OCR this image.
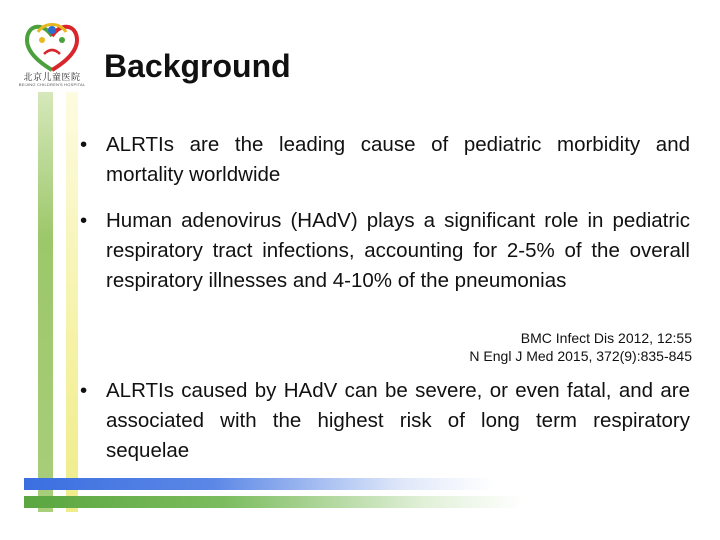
北京儿童医院
BEIJING CHILDREN'S HOSPITAL
Background
• ALRTIs are the leading cause of pediatric morbidity and mortality worldwide
• Human adenovirus (HAdV) plays a significant role in pediatric respiratory tract infections, accounting for 2-5% of the overall respiratory illnesses and 4-10% of the pneumonias
BMC Infect Dis 2012, 12:55
N Engl J Med 2015, 372(9):835-845
• ALRTIs caused by HAdV can be severe, or even fatal, and are associated with the highest risk of long term respiratory sequelae
